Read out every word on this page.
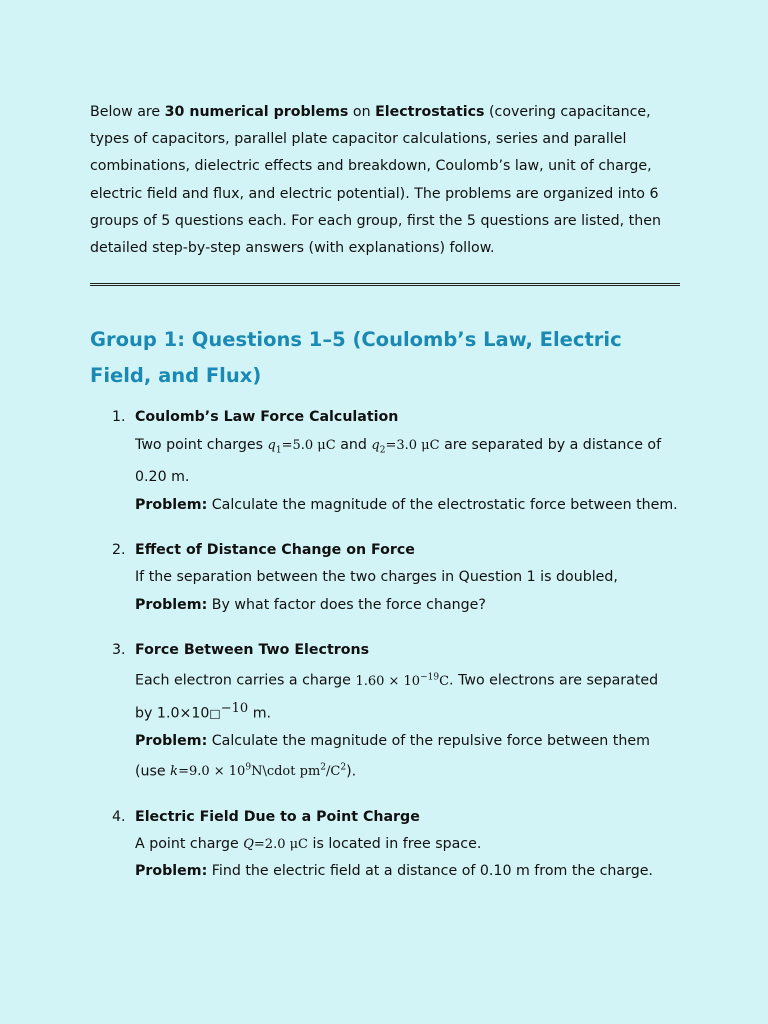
Below are 30 numerical problems on Electrostatics (covering capacitance, types of capacitors, parallel plate capacitor calculations, series and parallel combinations, dielectric effects and breakdown, Coulomb’s law, unit of charge, electric field and flux, and electric potential). The problems are organized into 6 groups of 5 questions each. For each group, first the 5 questions are listed, then detailed step-by-step answers (with explanations) follow.

Group 1: Questions 1–5 (Coulomb’s Law, Electric Field, and Flux)
1. Coulomb’s Law Force Calculation
Two point charges $q_1=5.0$ μC and $q_2=3.0$ μC are separated by a distance of 0.20 m.
Problem: Calculate the magnitude of the electrostatic force between them.
2. Effect of Distance Change on Force
If the separation between the two charges in Question 1 is doubled,
Problem: By what factor does the force change?
3. Force Between Two Electrons
Each electron carries a charge $1.60 \times 10^{-19}C$. Two electrons are separated by 1.0×10□$^{-10}$ m.
Problem: Calculate the magnitude of the repulsive force between them (use $k=9.0 \times 10^9N\backslash cdot$ $pm^2/C^2$).
4. Electric Field Due to a Point Charge
A point charge Q=2.0 μC is located in free space.
Problem: Find the electric field at a distance of 0.10 m from the charge.
